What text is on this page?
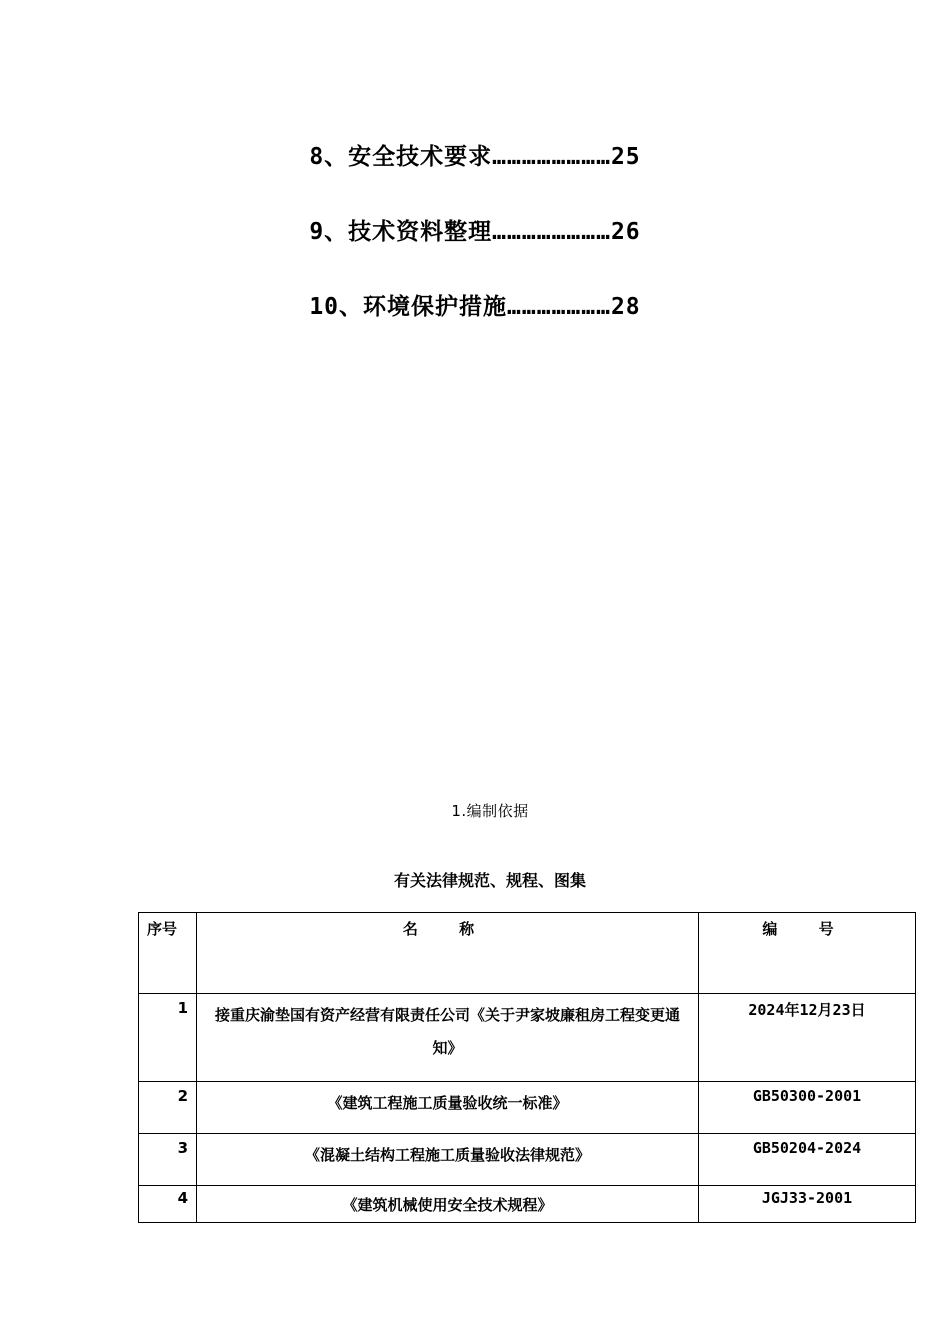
8、安全技术要求……………………25
9、技术资料整理……………………26
10、环境保护措施…………………28
1.编制依据
有关法律规范、规程、图集
序号	名 称	编 号
1	接重庆渝垫国有资产经营有限责任公司《关于尹家坡廉租房工程变更通知》	2024年12月23日
2	《建筑工程施工质量验收统一标准》	GB50300-2001
3	《混凝土结构工程施工质量验收法律规范》	GB50204-2024
4	《建筑机械使用安全技术规程》	JGJ33-2001
